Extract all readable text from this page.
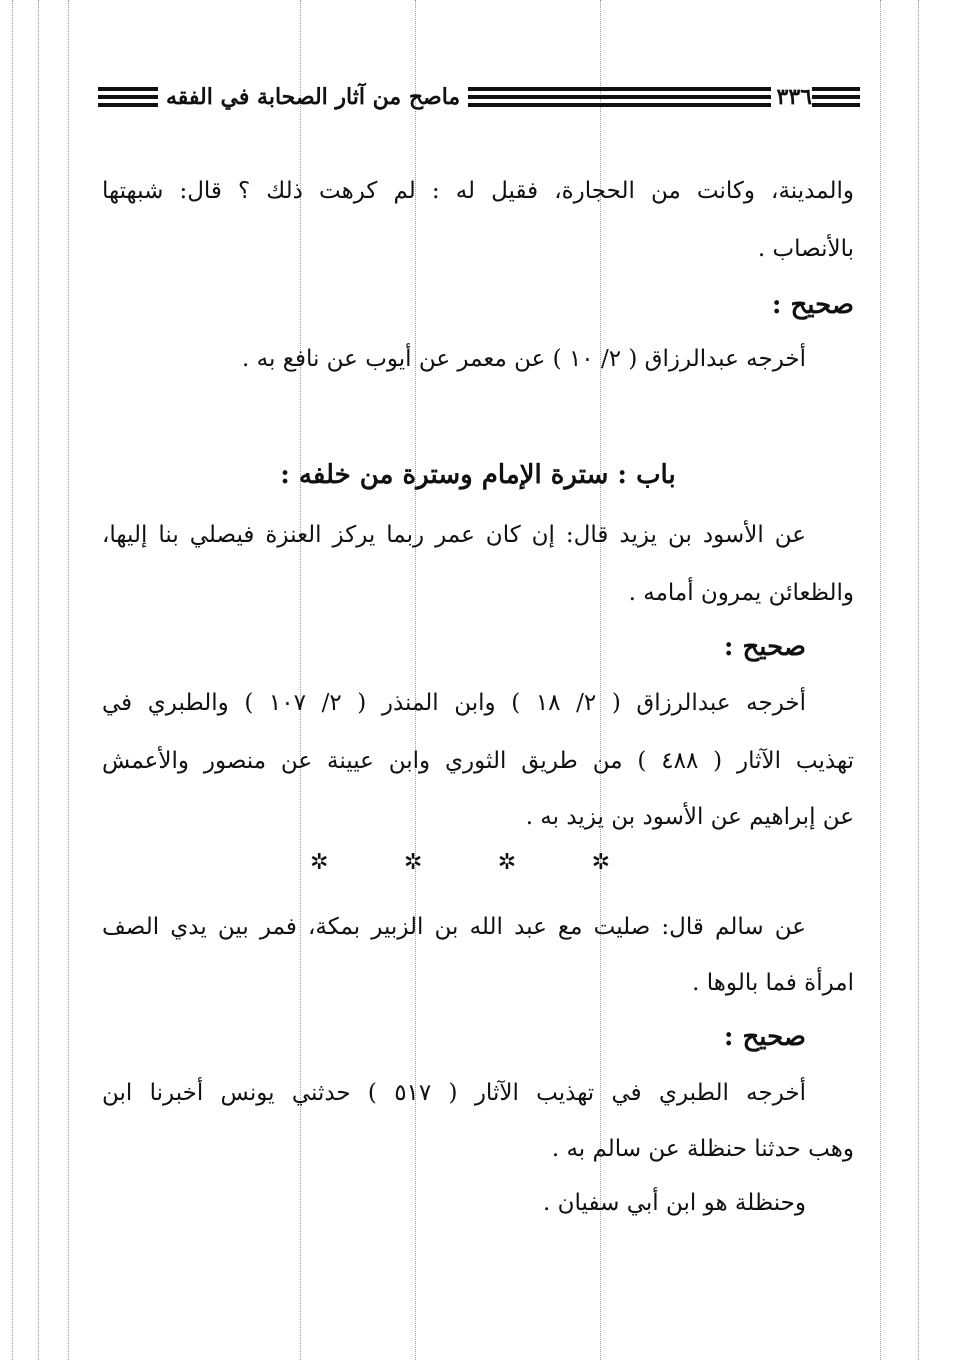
٣٣٦
ماصح من آثار الصحابة في الفقه
والمدينة، وكانت من الحجارة، فقيل له : لم كرهت ذلك ؟ قال: شبهتها
بالأنصاب .
صحيح :
أخرجه عبدالرزاق ( ٢/ ١٠ ) عن معمر عن أيوب عن نافع به .
باب : سترة الإمام وسترة من خلفه :
عن الأسود بن يزيد قال: إن كان عمر ربما يركز العنزة فيصلي بنا إليها،
والظعائن يمرون أمامه .
صحيح :
أخرجه عبدالرزاق ( ٢/ ١٨ ) وابن المنذر ( ٢/ ١٠٧ ) والطبري في
تهذيب الآثار ( ٤٨٨ ) من طريق الثوري وابن عيينة عن منصور والأعمش
عن إبراهيم عن الأسود بن يزيد به .
✲
✲
✲
✲
عن سالم قال: صليت مع عبد الله بن الزبير بمكة، فمر بين يدي الصف
امرأة فما بالوها .
صحيح :
أخرجه الطبري في تهذيب الآثار ( ٥١٧ ) حدثني يونس أخبرنا ابن
وهب حدثنا حنظلة عن سالم به .
وحنظلة هو ابن أبي سفيان .
